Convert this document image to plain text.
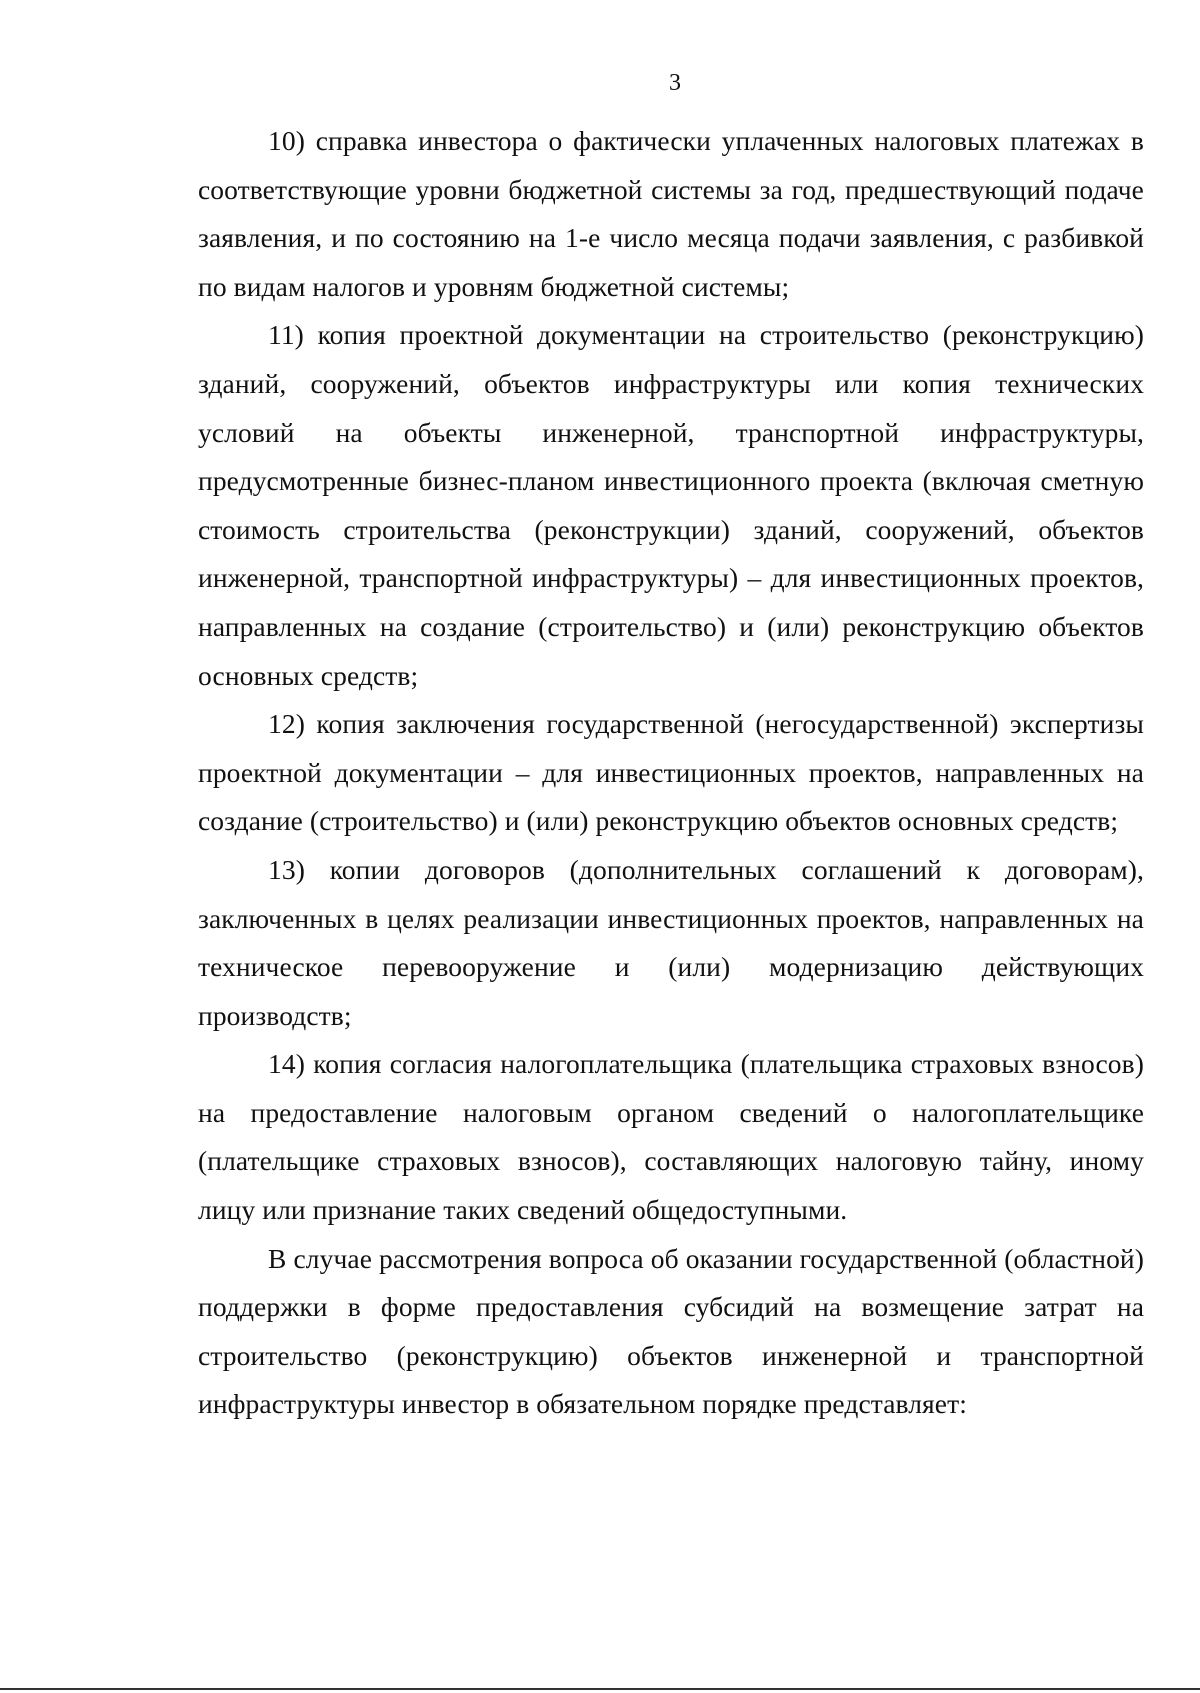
3

10) справка инвестора о фактически уплаченных налоговых платежах в соответствующие уровни бюджетной системы за год, предшествующий подаче заявления, и по состоянию на 1-е число месяца подачи заявления, с разбивкой по видам налогов и уровням бюджетной системы;

11) копия проектной документации на строительство (реконструкцию) зданий, сооружений, объектов инфраструктуры или копия технических условий на объекты инженерной, транспортной инфраструктуры, предусмотренные бизнес-планом инвестиционного проекта (включая сметную стоимость строительства (реконструкции) зданий, сооружений, объектов инженерной, транспортной инфраструктуры) – для инвестиционных проектов, направленных на создание (строительство) и (или) реконструкцию объектов основных средств;

12) копия заключения государственной (негосударственной) экспертизы проектной документации – для инвестиционных проектов, направленных на создание (строительство) и (или) реконструкцию объектов основных средств;

13) копии договоров (дополнительных соглашений к договорам), заключенных в целях реализации инвестиционных проектов, направленных на техническое перевооружение и (или) модернизацию действующих производств;

14) копия согласия налогоплательщика (плательщика страховых взносов) на предоставление налоговым органом сведений о налогоплательщике (плательщике страховых взносов), составляющих налоговую тайну, иному лицу или признание таких сведений общедоступными.

В случае рассмотрения вопроса об оказании государственной (областной) поддержки в форме предоставления субсидий на возмещение затрат на строительство (реконструкцию) объектов инженерной и транспортной инфраструктуры инвестор в обязательном порядке представляет:
